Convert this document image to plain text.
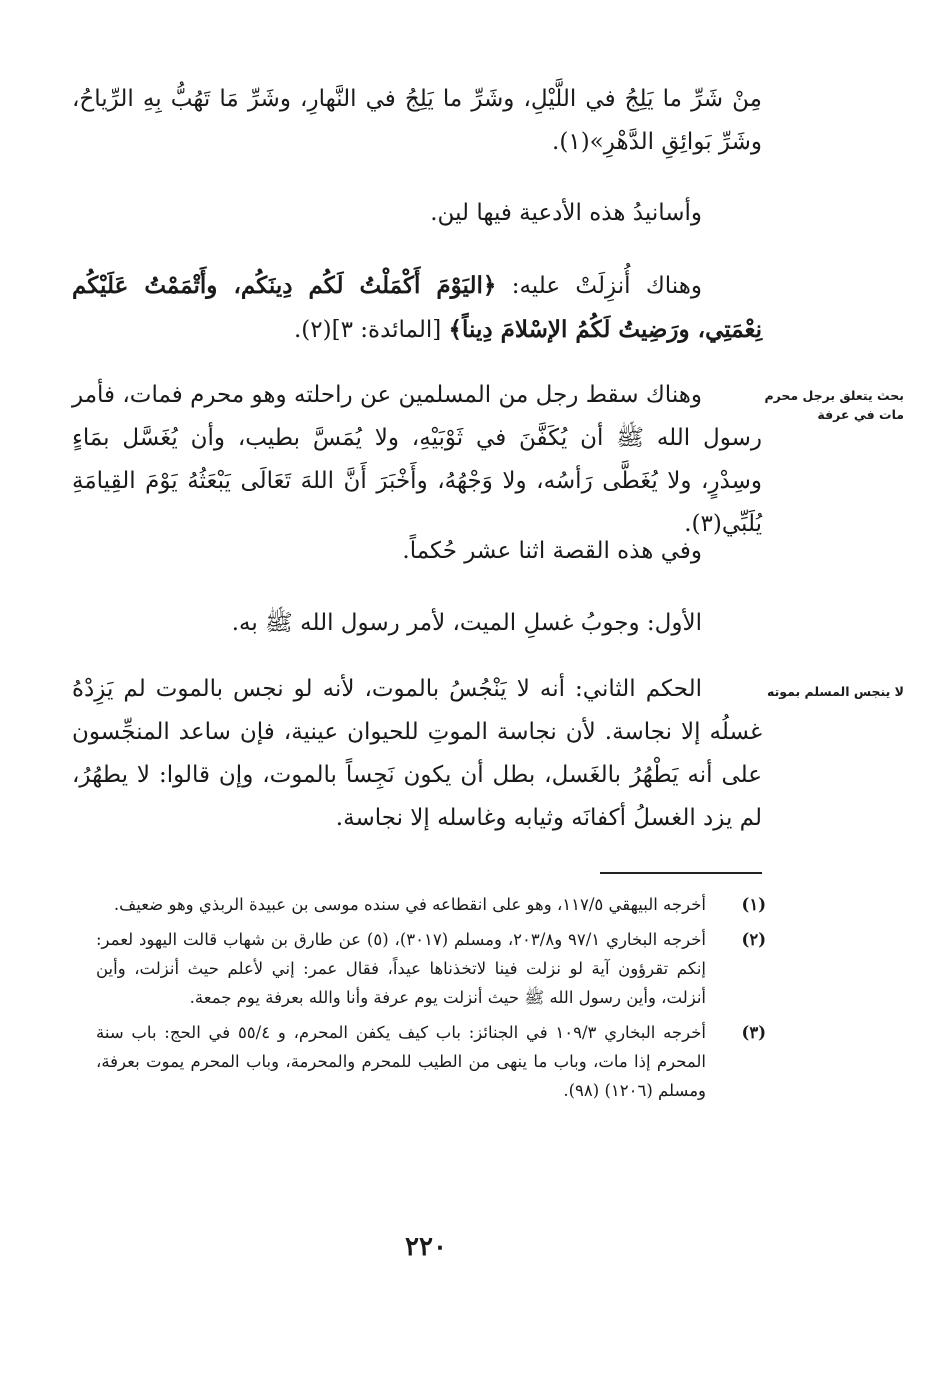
مِنْ شَرِّ ما يَلِجُ في اللَّيْلِ، وشَرِّ ما يَلِجُ في النَّهارِ، وشَرِّ مَا تَهُبُّ بِهِ الرِّياحُ، وشَرِّ بَوائِقِ الدَّهْرِ»(١).

وأسانيدُ هذه الأدعية فيها لين.

وهناك أُنزِلَتْ عليه: ﴿اليَوْمَ أَكْمَلْتُ لَكُم دِينَكُم، وأَتْمَمْتُ عَلَيْكُم نِعْمَتِي، ورَضِيتُ لَكُمُ الإسْلامَ دِيناً﴾ [المائدة: ٣](٢).

بحث يتعلق برجل محرم مات في عرفة

وهناك سقط رجل من المسلمين عن راحلته وهو محرم فمات، فأمر رسول الله ﷺ أن يُكَفَّنَ في ثَوْبَيْهِ، ولا يُمَسَّ بطيب، وأن يُغَسَّل بمَاءٍ وسِدْرٍ، ولا يُغَطَّى رَأسُه، ولا وَجْهُهُ، وأَخْبَرَ أَنَّ اللهَ تَعَالَى يَبْعَثُهُ يَوْمَ القِيامَةِ يُلَبِّي(٣).

وفي هذه القصة اثنا عشر حُكماً.

الأول: وجوبُ غسلِ الميت، لأمر رسول الله ﷺ به.

لا ينجس المسلم بموته

الحكم الثاني: أنه لا يَنْجُسُ بالموت، لأنه لو نجس بالموت لم يَزِدْهُ غسلُه إلا نجاسة. لأن نجاسة الموتِ للحيوان عينية، فإن ساعد المنجِّسون على أنه يَطْهُرُ بالغَسل، بطل أن يكون نَجِساً بالموت، وإن قالوا: لا يطهُرُ، لم يزد الغسلُ أكفانَه وثيابه وغاسله إلا نجاسة.

(١)
أخرجه البيهقي ١١٧/٥، وهو على انقطاعه في سنده موسى بن عبيدة الربذي وهو ضعيف.
(٢)
أخرجه البخاري ٩٧/١ و٢٠٣/٨، ومسلم (٣٠١٧)، (٥) عن طارق بن شهاب قالت اليهود لعمر: إنكم تقرؤون آية لو نزلت فينا لاتخذناها عيداً، فقال عمر: إني لأعلم حيث أنزلت، وأين أنزلت، وأين رسول الله ﷺ حيث أنزلت يوم عرفة وأنا والله بعرفة يوم جمعة.
(٣)
أخرجه البخاري ١٠٩/٣ في الجنائز: باب كيف يكفن المحرم، و ٥٥/٤ في الحج: باب سنة المحرم إذا مات، وباب ما ينهى من الطيب للمحرم والمحرمة، وباب المحرم يموت بعرفة، ومسلم (١٢٠٦) (٩٨).
٢٢٠
